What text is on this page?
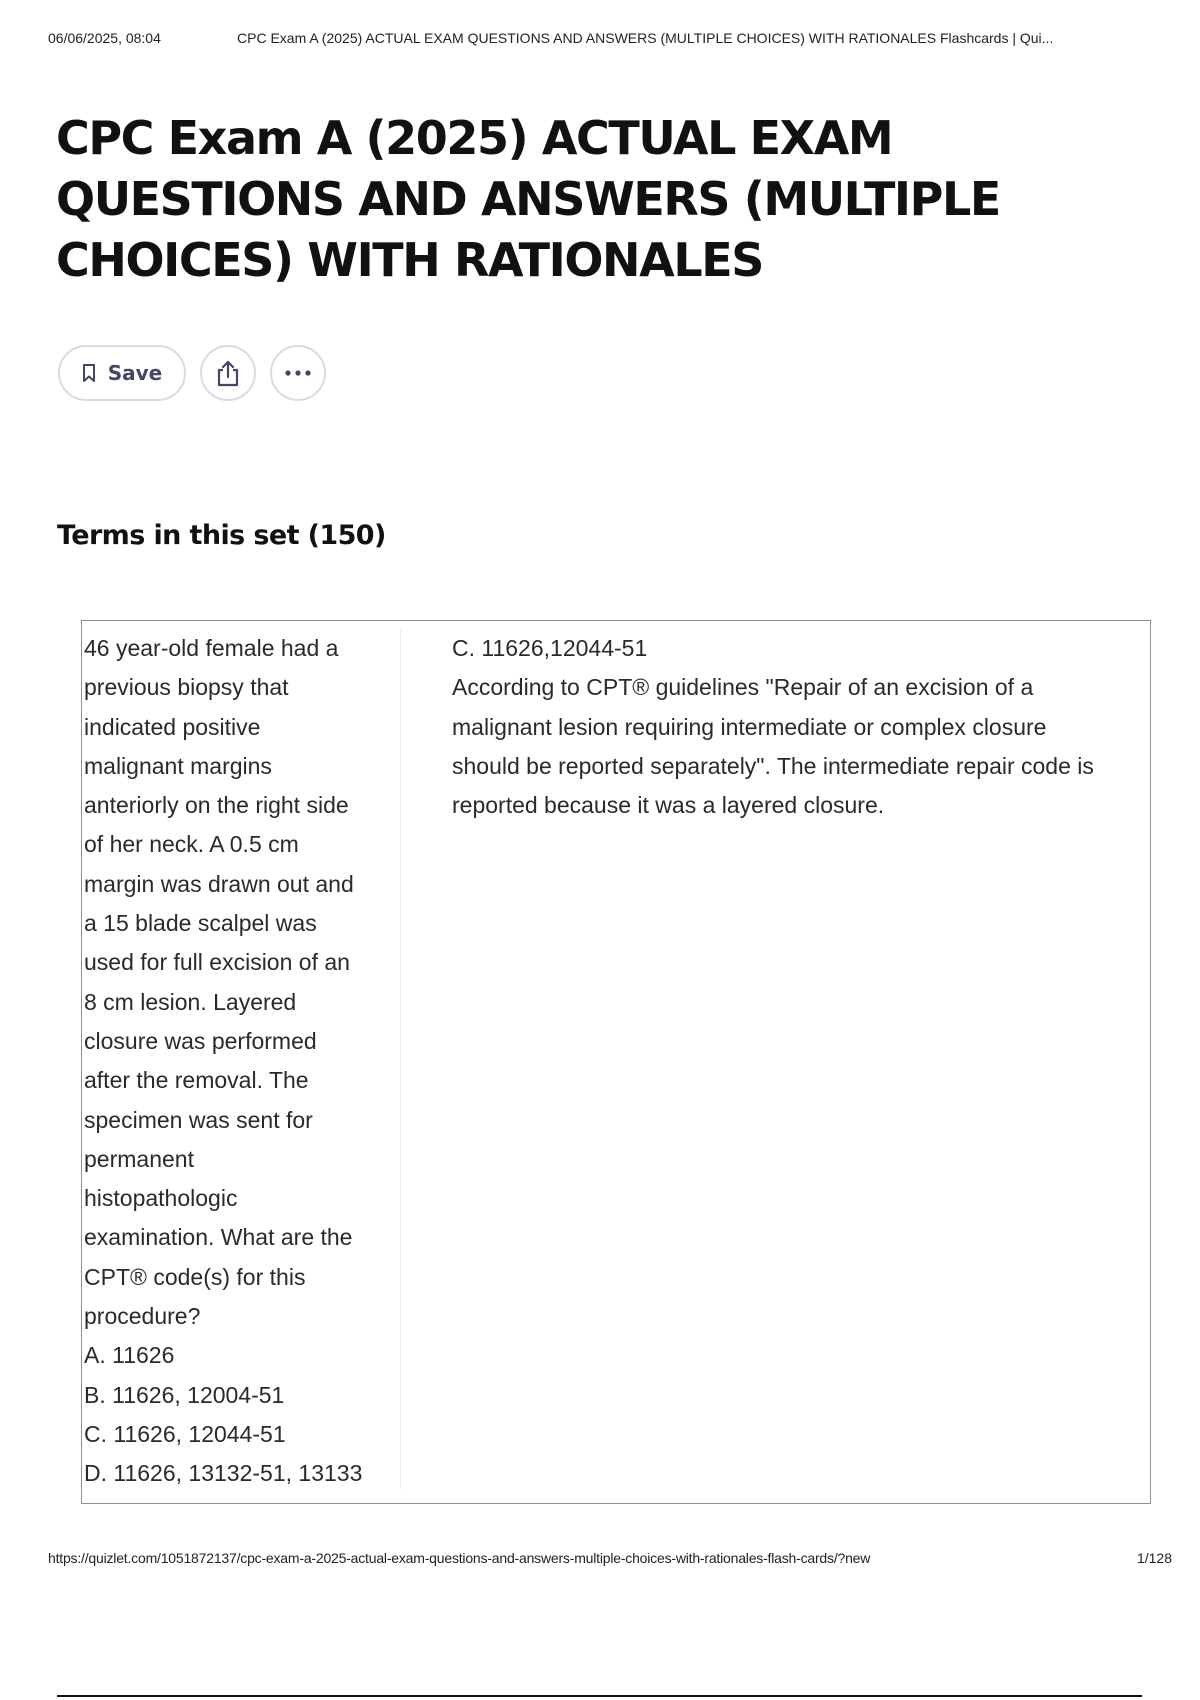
06/06/2025, 08:04	CPC Exam A (2025) ACTUAL EXAM QUESTIONS AND ANSWERS (MULTIPLE CHOICES) WITH RATIONALES Flashcards | Qui...
CPC Exam A (2025) ACTUAL EXAM QUESTIONS AND ANSWERS (MULTIPLE CHOICES) WITH RATIONALES
Save
Terms in this set (150)
46 year-old female had a
previous biopsy that
indicated positive
malignant margins
anteriorly on the right side
of her neck. A 0.5 cm
margin was drawn out and
a 15 blade scalpel was
used for full excision of an
8 cm lesion. Layered
closure was performed
after the removal. The
specimen was sent for
permanent
histopathologic
examination. What are the
CPT® code(s) for this
procedure?
A. 11626
B. 11626, 12004-51
C. 11626, 12044-51
D. 11626, 13132-51, 13133
C. 11626,12044-51
According to CPT® guidelines "Repair of an excision of a malignant lesion requiring intermediate or complex closure should be reported separately". The intermediate repair code is reported because it was a layered closure.
https://quizlet.com/1051872137/cpc-exam-a-2025-actual-exam-questions-and-answers-multiple-choices-with-rationales-flash-cards/?new	1/128
